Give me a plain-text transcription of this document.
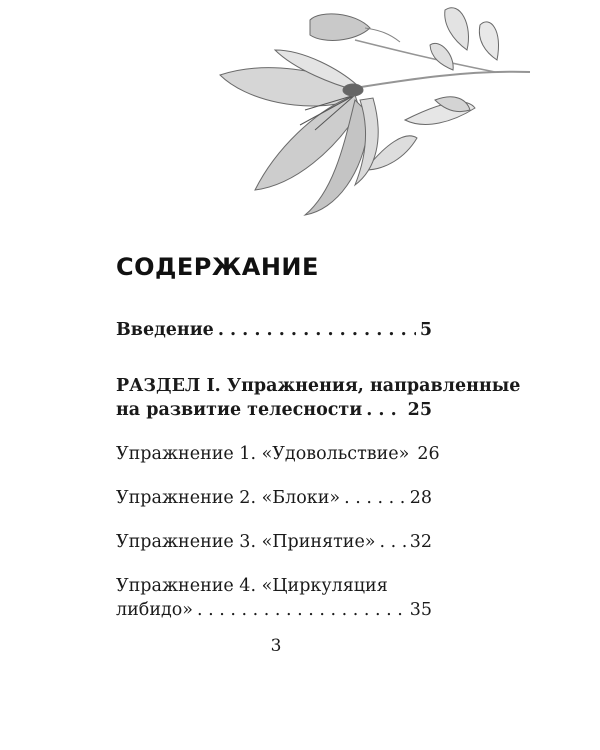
СОДЕРЖАНИЕ
Введение . . .	5
РАЗДЕЛ I. Упражнения, направленные
на развитие телесности . . .	25
Упражнение 1. «Удовольствие» 26
Упражнение 2. «Блоки» . . .	28
Упражнение 3. «Принятие» . . . 32
Упражнение 4. «Циркуляция
либидо» . . .	35
3
